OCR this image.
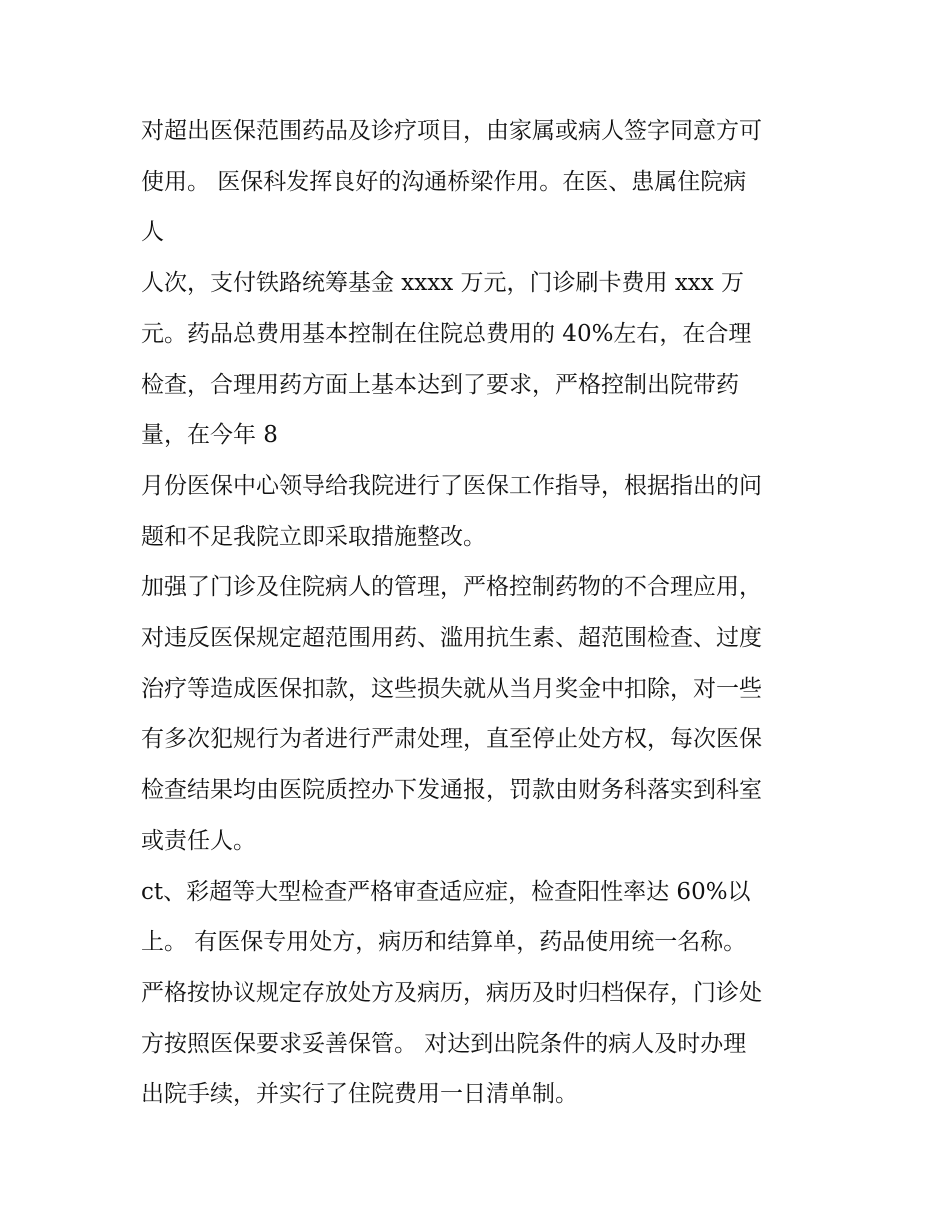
对超出医保范围药品及诊疗项目，由家属或病人签字同意方可
使用。 医保科发挥良好的沟通桥梁作用。在医、患属住院病
人
人次，支付铁路统筹基金 xxxx 万元，门诊刷卡费用 xxx 万
元。药品总费用基本控制在住院总费用的 40%左右，在合理
检查，合理用药方面上基本达到了要求，严格控制出院带药
量，在今年 8
月份医保中心领导给我院进行了医保工作指导，根据指出的问
题和不足我院立即采取措施整改。
加强了门诊及住院病人的管理，严格控制药物的不合理应用，
对违反医保规定超范围用药、滥用抗生素、超范围检查、过度
治疗等造成医保扣款，这些损失就从当月奖金中扣除，对一些
有多次犯规行为者进行严肃处理，直至停止处方权，每次医保
检查结果均由医院质控办下发通报，罚款由财务科落实到科室
或责任人。
ct、彩超等大型检查严格审查适应症，检查阳性率达 60%以
上。 有医保专用处方，病历和结算单，药品使用统一名称。
严格按协议规定存放处方及病历，病历及时归档保存，门诊处
方按照医保要求妥善保管。 对达到出院条件的病人及时办理
出院手续，并实行了住院费用一日清单制。
